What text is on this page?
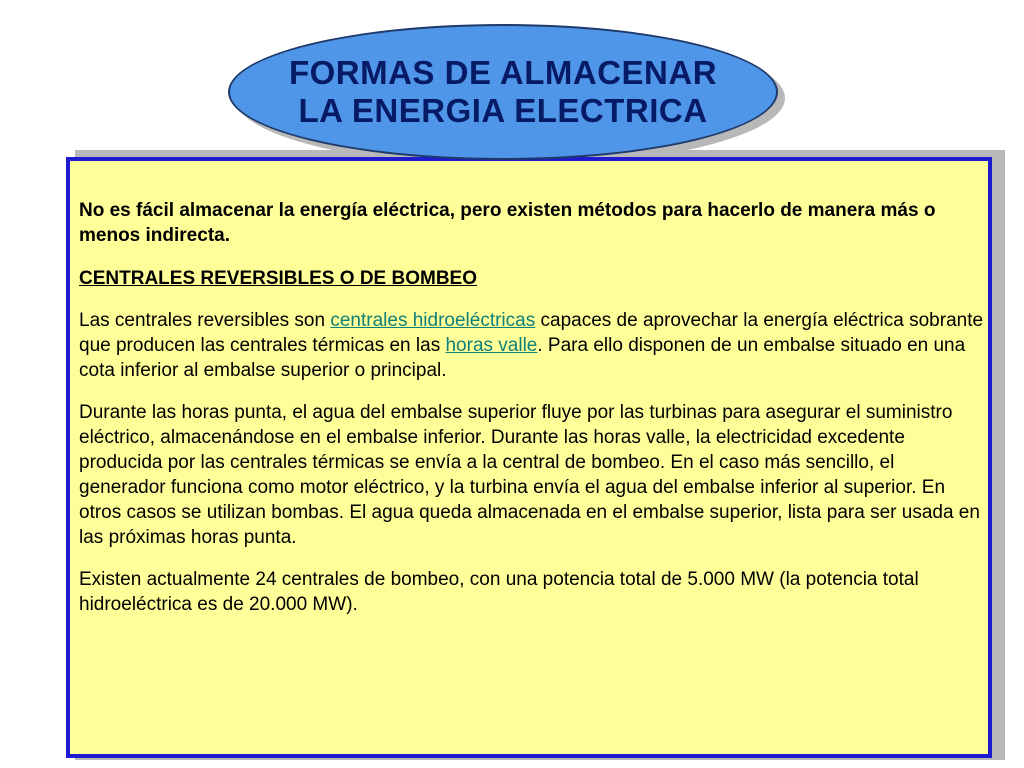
FORMAS DE ALMACENAR
LA ENERGIA ELECTRICA

No es fácil almacenar la energía eléctrica, pero existen métodos para hacerlo de manera más o menos indirecta.

CENTRALES REVERSIBLES O DE BOMBEO

Las centrales reversibles son centrales hidroeléctricas capaces de aprovechar la energía eléctrica sobrante que producen las centrales térmicas en las horas valle. Para ello disponen de un embalse situado en una cota inferior al embalse superior o principal.

Durante las horas punta, el agua del embalse superior fluye por las turbinas para asegurar el suministro eléctrico, almacenándose en el embalse inferior. Durante las horas valle, la electricidad excedente producida por las centrales térmicas se envía a la central de bombeo. En el caso más sencillo, el generador funciona como motor eléctrico, y la turbina envía el agua del embalse inferior al superior. En otros casos se utilizan bombas. El agua queda almacenada en el embalse superior, lista para ser usada en las próximas horas punta.

Existen actualmente 24 centrales de bombeo, con una potencia total de 5.000 MW (la potencia total hidroeléctrica es de 20.000 MW).
